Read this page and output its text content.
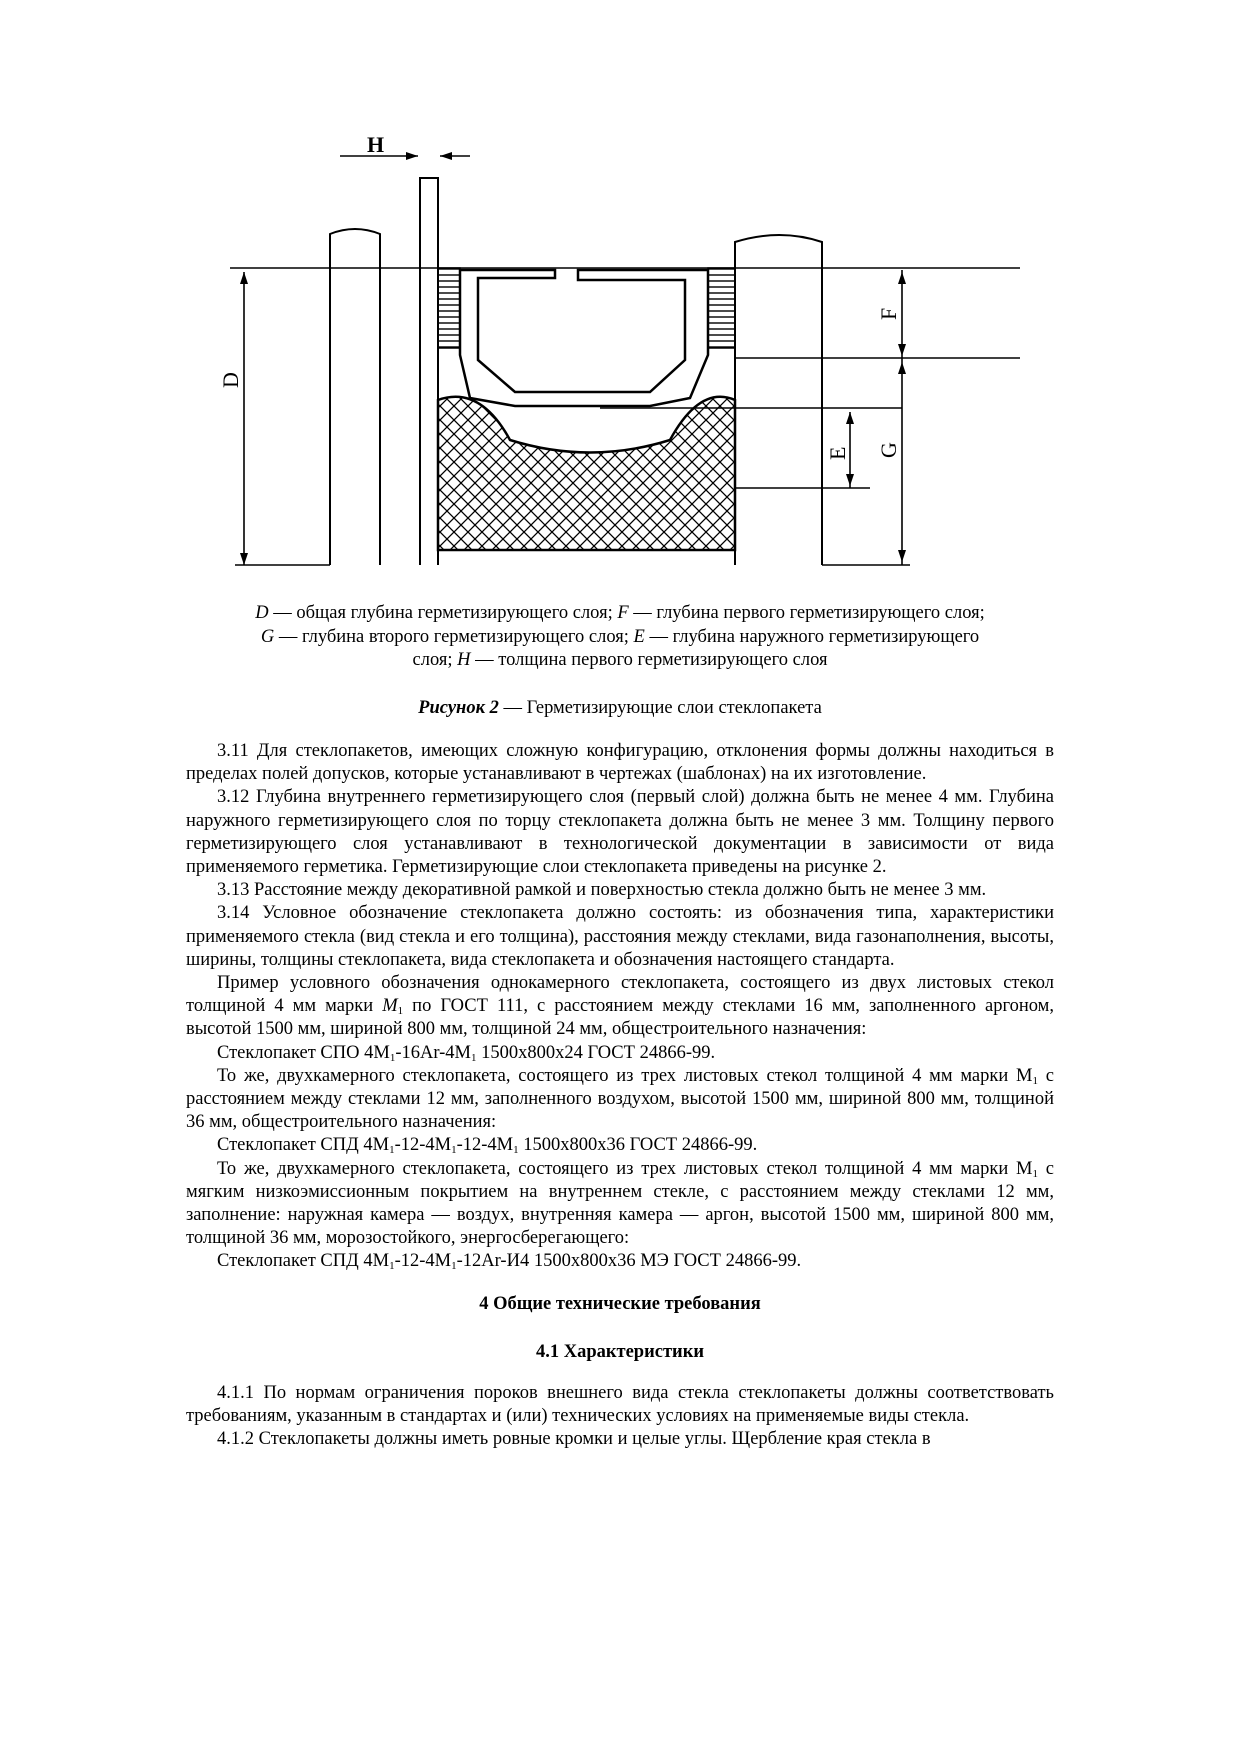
H
D
F
G
E
D — общая глубина герметизирующего слоя; F — глубина первого герметизирующего слоя;
G — глубина второго герметизирующего слоя; E — глубина наружного герметизирующего
слоя; H — толщина первого герметизирующего слоя
Рисунок 2 — Герметизирующие слои стеклопакета

3.11 Для стеклопакетов, имеющих сложную конфигурацию, отклонения формы должны находиться в пределах полей допусков, которые устанавливают в чертежах (шаблонах) на их изготовление.

3.12 Глубина внутреннего герметизирующего слоя (первый слой) должна быть не менее 4 мм. Глубина наружного герметизирующего слоя по торцу стеклопакета должна быть не менее 3 мм. Толщину первого герметизирующего слоя устанавливают в технологической документации в зависимости от вида применяемого герметика. Герметизирующие слои стеклопакета приведены на рисунке 2.

3.13 Расстояние между декоративной рамкой и поверхностью стекла должно быть не менее 3 мм.

3.14 Условное обозначение стеклопакета должно состоять: из обозначения типа, характеристики применяемого стекла (вид стекла и его толщина), расстояния между стеклами, вида газонаполнения, высоты, ширины, толщины стеклопакета, вида стеклопакета и обозначения настоящего стандарта.

Пример условного обозначения однокамерного стеклопакета, состоящего из двух листовых стекол толщиной 4 мм марки $М_1$ по ГОСТ 111, с расстоянием между стеклами 16 мм, заполненного аргоном, высотой 1500 мм, шириной 800 мм, толщиной 24 мм, общестроительного назначения:

Стеклопакет СПО $4М_1-16Ar-4М_1$ 1500х800х24 ГОСТ 24866-99.

То же, двухкамерного стеклопакета, состоящего из трех листовых стекол толщиной 4 мм марки $М_1$ с расстоянием между стеклами 12 мм, заполненного воздухом, высотой 1500 мм, шириной 800 мм, толщиной 36 мм, общестроительного назначения:

Стеклопакет СПД $4М_1-12-4М_1-12-4М_1$ 1500х800х36 ГОСТ 24866-99.

То же, двухкамерного стеклопакета, состоящего из трех листовых стекол толщиной 4 мм марки $М_1$ с мягким низкоэмиссионным покрытием на внутреннем стекле, с расстоянием между стеклами 12 мм, заполнение: наружная камера — воздух, внутренняя камера — аргон, высотой 1500 мм, шириной 800 мм, толщиной 36 мм, морозостойкого, энергосберегающего:

Стеклопакет СПД $4М_1-12-4М_1-12Ar-И4$ 1500х800х36 МЭ ГОСТ 24866-99.

4 Общие технические требования
4.1 Характеристики

4.1.1 По нормам ограничения пороков внешнего вида стекла стеклопакеты должны соответствовать требованиям, указанным в стандартах и (или) технических условиях на применяемые виды стекла.

4.1.2 Стеклопакеты должны иметь ровные кромки и целые углы. Щербление края стекла в
